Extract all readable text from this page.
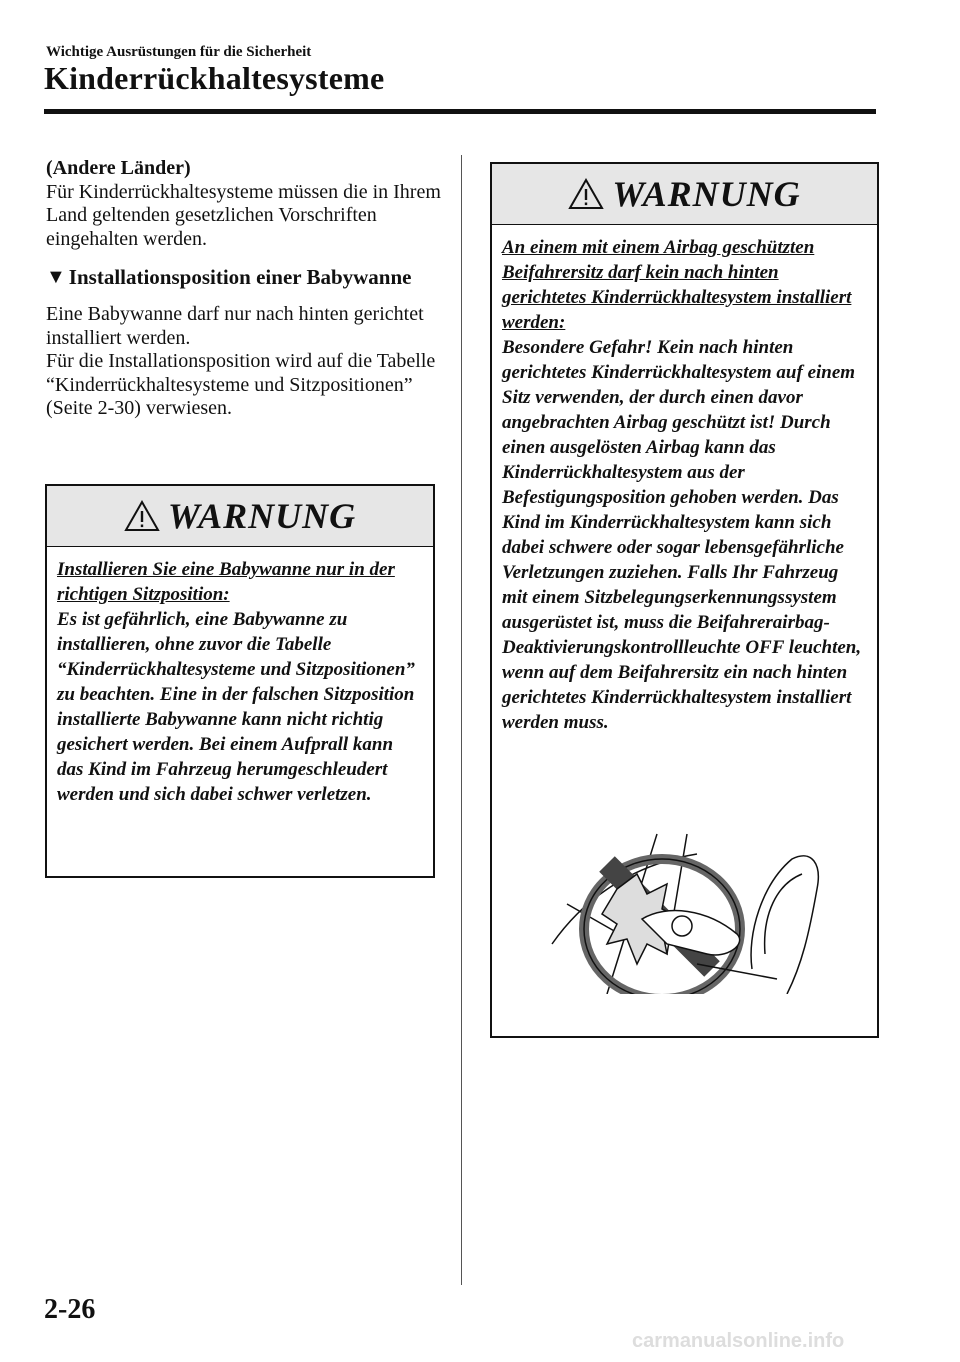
Wichtige Ausrüstungen für die Sicherheit
Kinderrückhaltesysteme

(Andere Länder)

Für Kinderrückhaltesysteme müssen die in Ihrem Land geltenden gesetzlichen Vorschriften eingehalten werden.

▼ Installationsposition einer Babywanne

Eine Babywanne darf nur nach hinten gerichtet installiert werden.

Für die Installationsposition wird auf die Tabelle “Kinderrückhaltesysteme und Sitzpositionen” (Seite 2-30) verwiesen.

WARNUNG
Installieren Sie eine Babywanne nur in der richtigen Sitzposition:
Es ist gefährlich, eine Babywanne zu installieren, ohne zuvor die Tabelle “Kinderrückhaltesysteme und Sitzpositionen” zu beachten. Eine in der falschen Sitzposition installierte Babywanne kann nicht richtig gesichert werden. Bei einem Aufprall kann das Kind im Fahrzeug herumgeschleudert werden und sich dabei schwer verletzen.
WARNUNG
An einem mit einem Airbag geschützten Beifahrersitz darf kein nach hinten gerichtetes Kinderrückhaltesystem installiert werden:
Besondere Gefahr! Kein nach hinten gerichtetes Kinderrückhaltesystem auf einem Sitz verwenden, der durch einen davor angebrachten Airbag geschützt ist! Durch einen ausgelösten Airbag kann das Kinderrückhaltesystem aus der Befestigungsposition gehoben werden. Das Kind im Kinderrückhaltesystem kann sich dabei schwere oder sogar lebensgefährliche Verletzungen zuziehen. Falls Ihr Fahrzeug mit einem Sitzbelegungserkennungssystem ausgerüstet ist, muss die Beifahrerairbag-Deaktivierungskontrollleuchte OFF leuchten, wenn auf dem Beifahrersitz ein nach hinten gerichtetes Kinderrückhaltesystem installiert werden muss.
2-26
carmanualsonline.info
